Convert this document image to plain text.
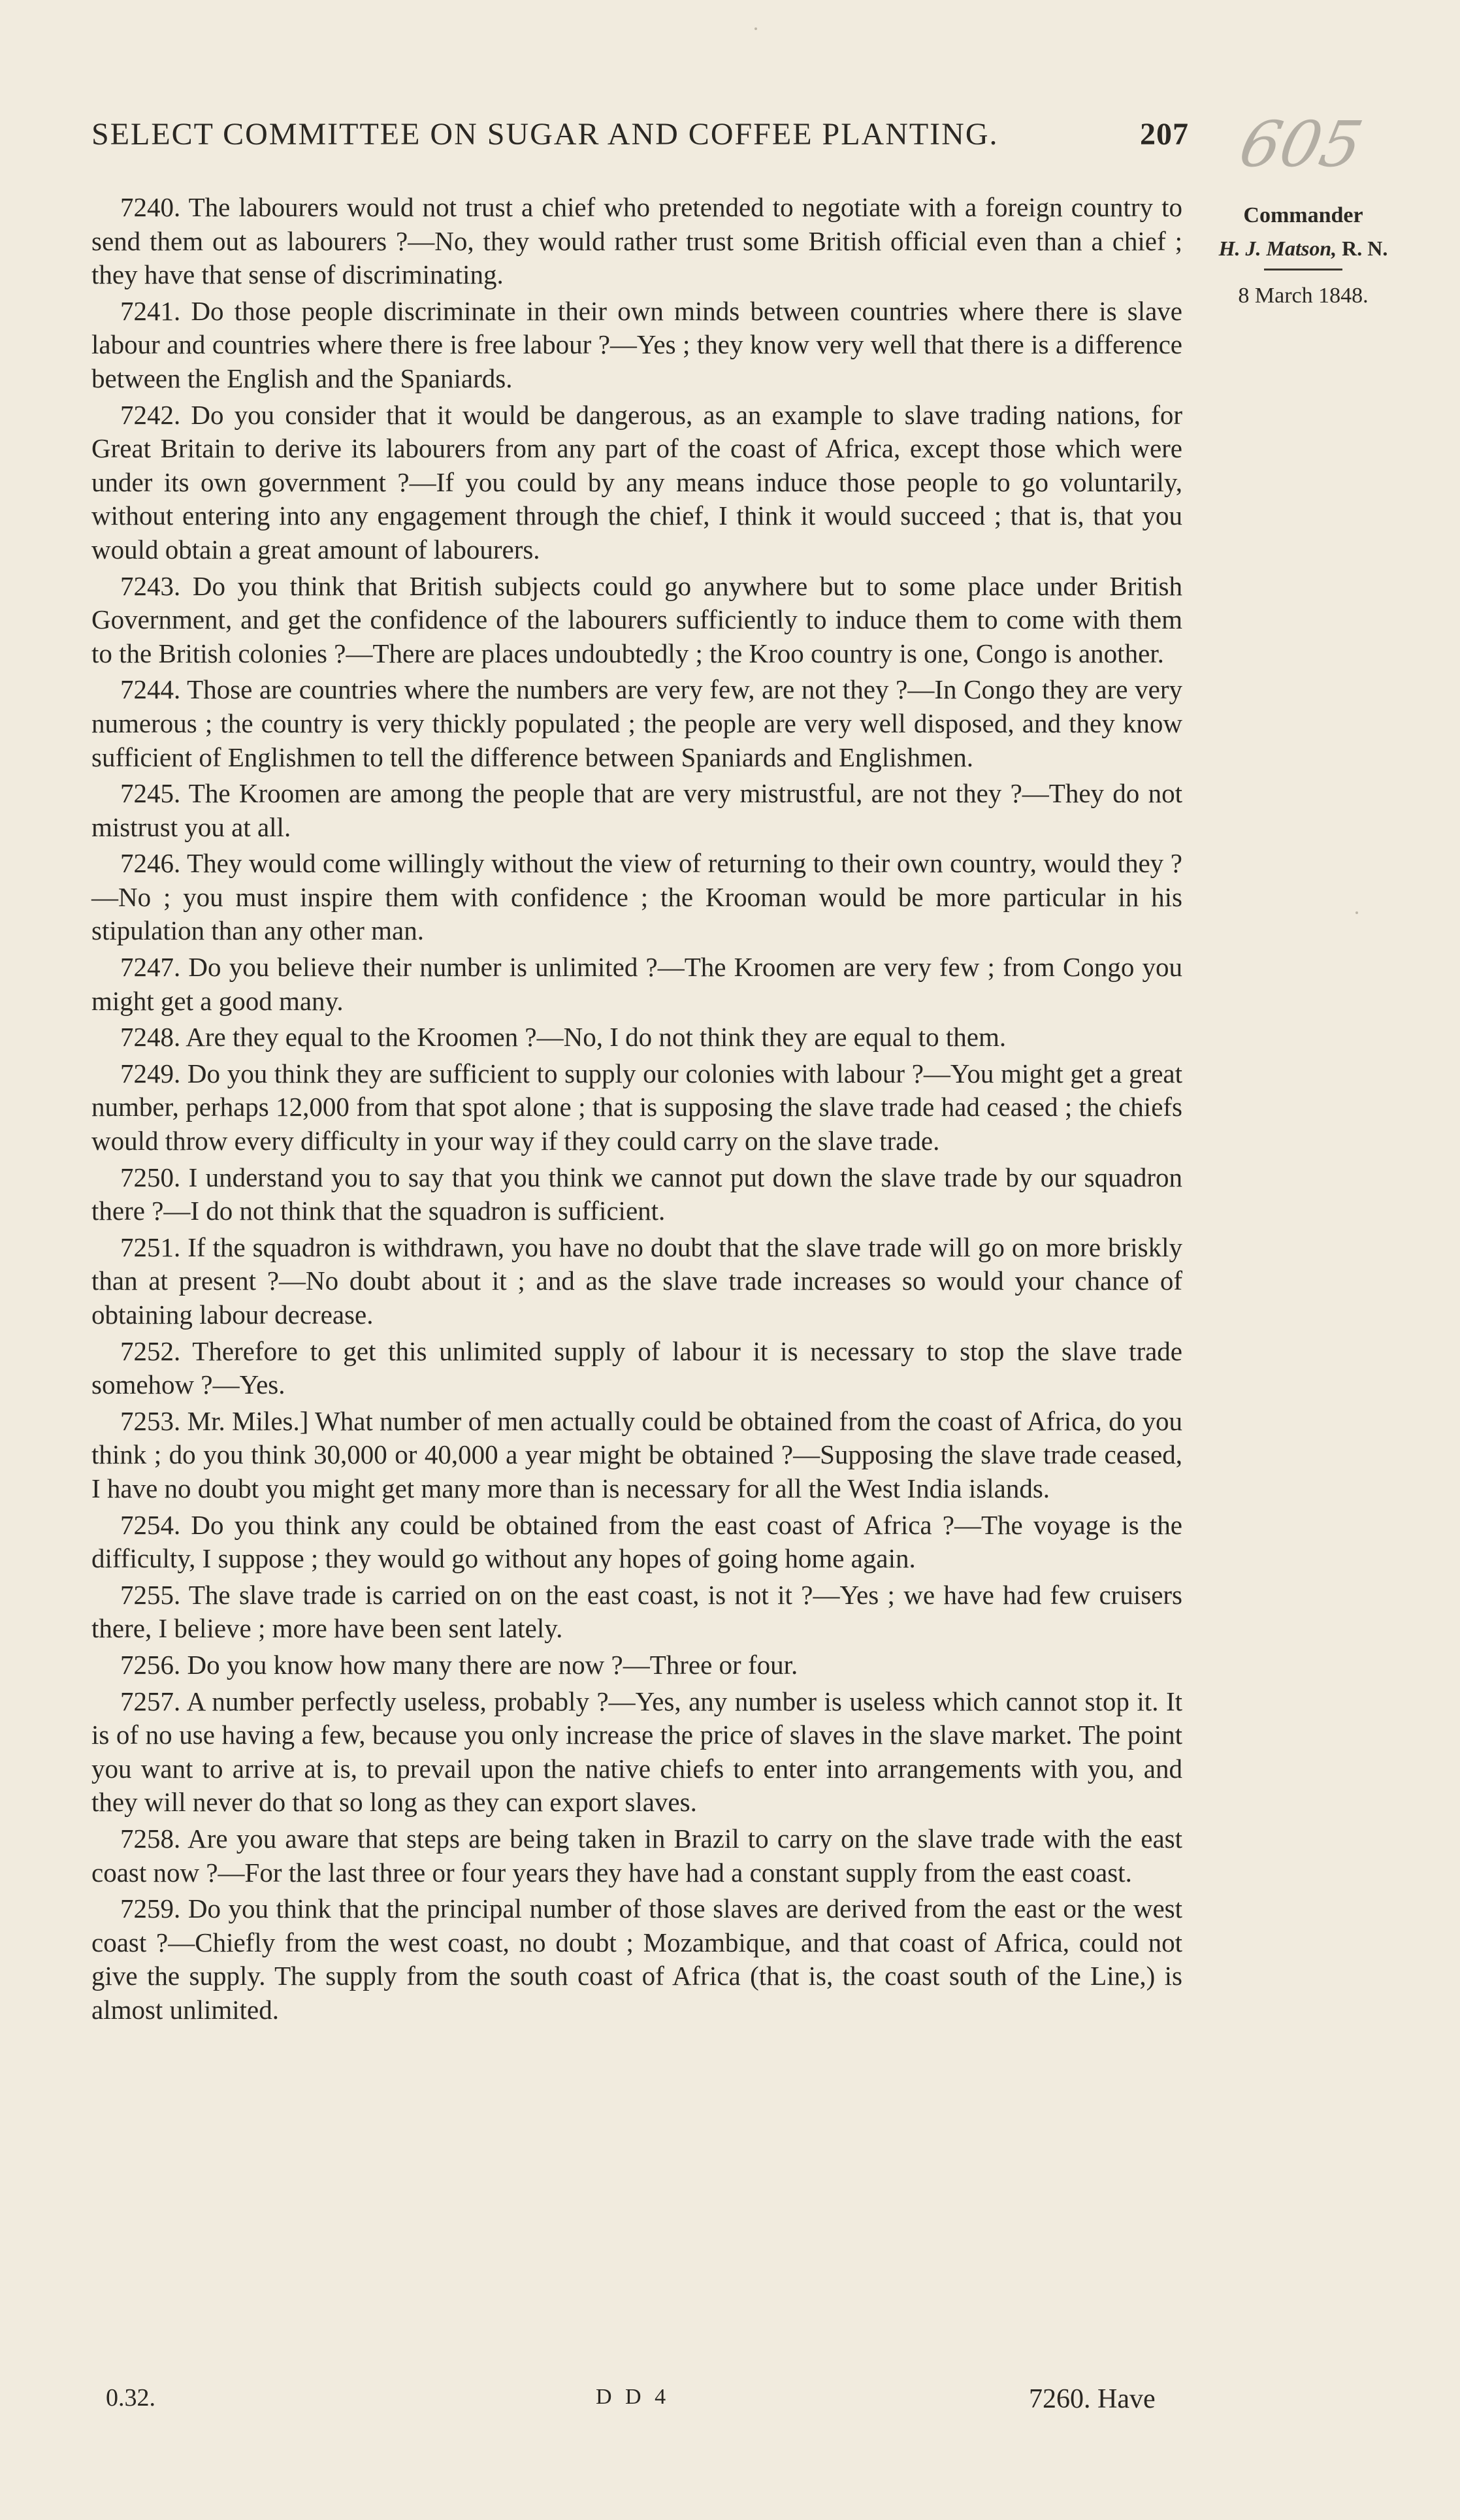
SELECT COMMITTEE ON SUGAR AND COFFEE PLANTING.	207 605
Commander
H. J. Matson, R. N.
8 March 1848.

7240. The labourers would not trust a chief who pretended to negotiate with a foreign country to send them out as labourers ?—No, they would rather trust some British official even than a chief ; they have that sense of discriminating.

7241. Do those people discriminate in their own minds between countries where there is slave labour and countries where there is free labour ?—Yes ; they know very well that there is a difference between the English and the Spaniards.

7242. Do you consider that it would be dangerous, as an example to slave trading nations, for Great Britain to derive its labourers from any part of the coast of Africa, except those which were under its own government ?—If you could by any means induce those people to go voluntarily, without entering into any engagement through the chief, I think it would succeed ; that is, that you would obtain a great amount of labourers.

7243. Do you think that British subjects could go anywhere but to some place under British Government, and get the confidence of the labourers sufficiently to induce them to come with them to the British colonies ?—There are places undoubtedly ; the Kroo country is one, Congo is another.

7244. Those are countries where the numbers are very few, are not they ?—In Congo they are very numerous ; the country is very thickly populated ; the people are very well disposed, and they know sufficient of Englishmen to tell the difference between Spaniards and Englishmen.

7245. The Kroomen are among the people that are very mistrustful, are not they ?—They do not mistrust you at all.

7246. They would come willingly without the view of returning to their own country, would they ?—No ; you must inspire them with confidence ; the Krooman would be more particular in his stipulation than any other man.

7247. Do you believe their number is unlimited ?—The Kroomen are very few ; from Congo you might get a good many.

7248. Are they equal to the Kroomen ?—No, I do not think they are equal to them.

7249. Do you think they are sufficient to supply our colonies with labour ?—You might get a great number, perhaps 12,000 from that spot alone ; that is supposing the slave trade had ceased ; the chiefs would throw every difficulty in your way if they could carry on the slave trade.

7250. I understand you to say that you think we cannot put down the slave trade by our squadron there ?—I do not think that the squadron is sufficient.

7251. If the squadron is withdrawn, you have no doubt that the slave trade will go on more briskly than at present ?—No doubt about it ; and as the slave trade increases so would your chance of obtaining labour decrease.

7252. Therefore to get this unlimited supply of labour it is necessary to stop the slave trade somehow ?—Yes.

7253. Mr. Miles.] What number of men actually could be obtained from the coast of Africa, do you think ; do you think 30,000 or 40,000 a year might be obtained ?—Supposing the slave trade ceased, I have no doubt you might get many more than is necessary for all the West India islands.

7254. Do you think any could be obtained from the east coast of Africa ?—The voyage is the difficulty, I suppose ; they would go without any hopes of going home again.

7255. The slave trade is carried on on the east coast, is not it ?—Yes ; we have had few cruisers there, I believe ; more have been sent lately.

7256. Do you know how many there are now ?—Three or four.

7257. A number perfectly useless, probably ?—Yes, any number is useless which cannot stop it. It is of no use having a few, because you only increase the price of slaves in the slave market. The point you want to arrive at is, to prevail upon the native chiefs to enter into arrangements with you, and they will never do that so long as they can export slaves.

7258. Are you aware that steps are being taken in Brazil to carry on the slave trade with the east coast now ?—For the last three or four years they have had a constant supply from the east coast.

7259. Do you think that the principal number of those slaves are derived from the east or the west coast ?—Chiefly from the west coast, no doubt ; Mozambique, and that coast of Africa, could not give the supply. The supply from the south coast of Africa (that is, the coast south of the Line,) is almost unlimited.

0.32.	D D 4	7260. Have
